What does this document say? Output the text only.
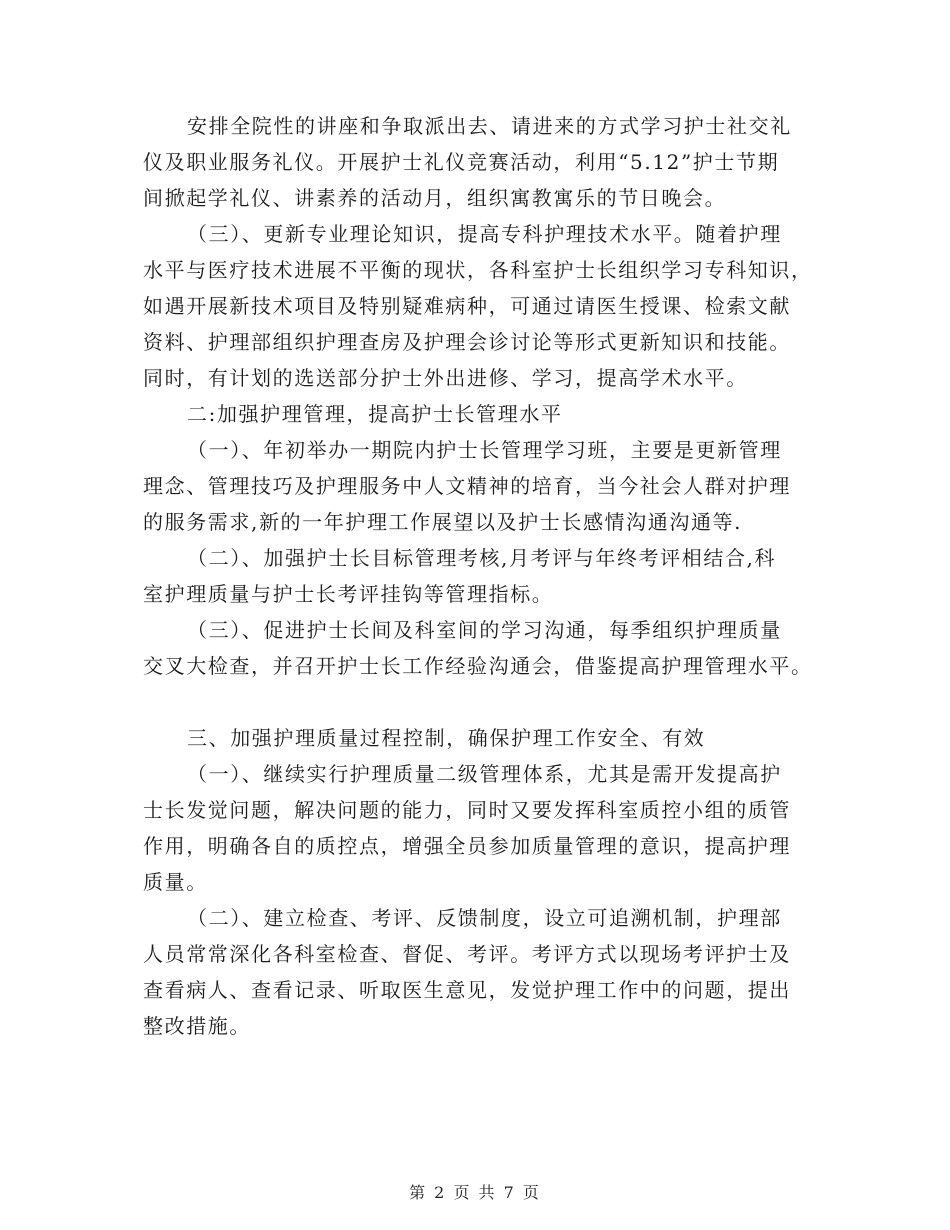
安排全院性的讲座和争取派出去、请进来的方式学习护士社交礼
仪及职业服务礼仪。开展护士礼仪竞赛活动，利用“5.12”护士节期
间掀起学礼仪、讲素养的活动月，组织寓教寓乐的节日晚会。
（三）、更新专业理论知识，提高专科护理技术水平。随着护理
水平与医疗技术进展不平衡的现状，各科室护士长组织学习专科知识，
如遇开展新技术项目及特别疑难病种，可通过请医生授课、检索文献
资料、护理部组织护理查房及护理会诊讨论等形式更新知识和技能。
同时，有计划的选送部分护士外出进修、学习，提高学术水平。
二:加强护理管理，提高护士长管理水平
（一）、年初举办一期院内护士长管理学习班，主要是更新管理
理念、管理技巧及护理服务中人文精神的培育，当今社会人群对护理
的服务需求,新的一年护理工作展望以及护士长感情沟通沟通等.
（二）、加强护士长目标管理考核,月考评与年终考评相结合,科
室护理质量与护士长考评挂钩等管理指标。
（三）、促进护士长间及科室间的学习沟通，每季组织护理质量
交叉大检查，并召开护士长工作经验沟通会，借鉴提高护理管理水平。
三、加强护理质量过程控制，确保护理工作安全、有效
（一）、继续实行护理质量二级管理体系，尤其是需开发提高护
士长发觉问题，解决问题的能力，同时又要发挥科室质控小组的质管
作用，明确各自的质控点，增强全员参加质量管理的意识，提高护理
质量。
（二）、建立检查、考评、反馈制度，设立可追溯机制，护理部
人员常常深化各科室检查、督促、考评。考评方式以现场考评护士及
查看病人、查看记录、听取医生意见，发觉护理工作中的问题，提出
整改措施。
第 2 页 共 7 页
